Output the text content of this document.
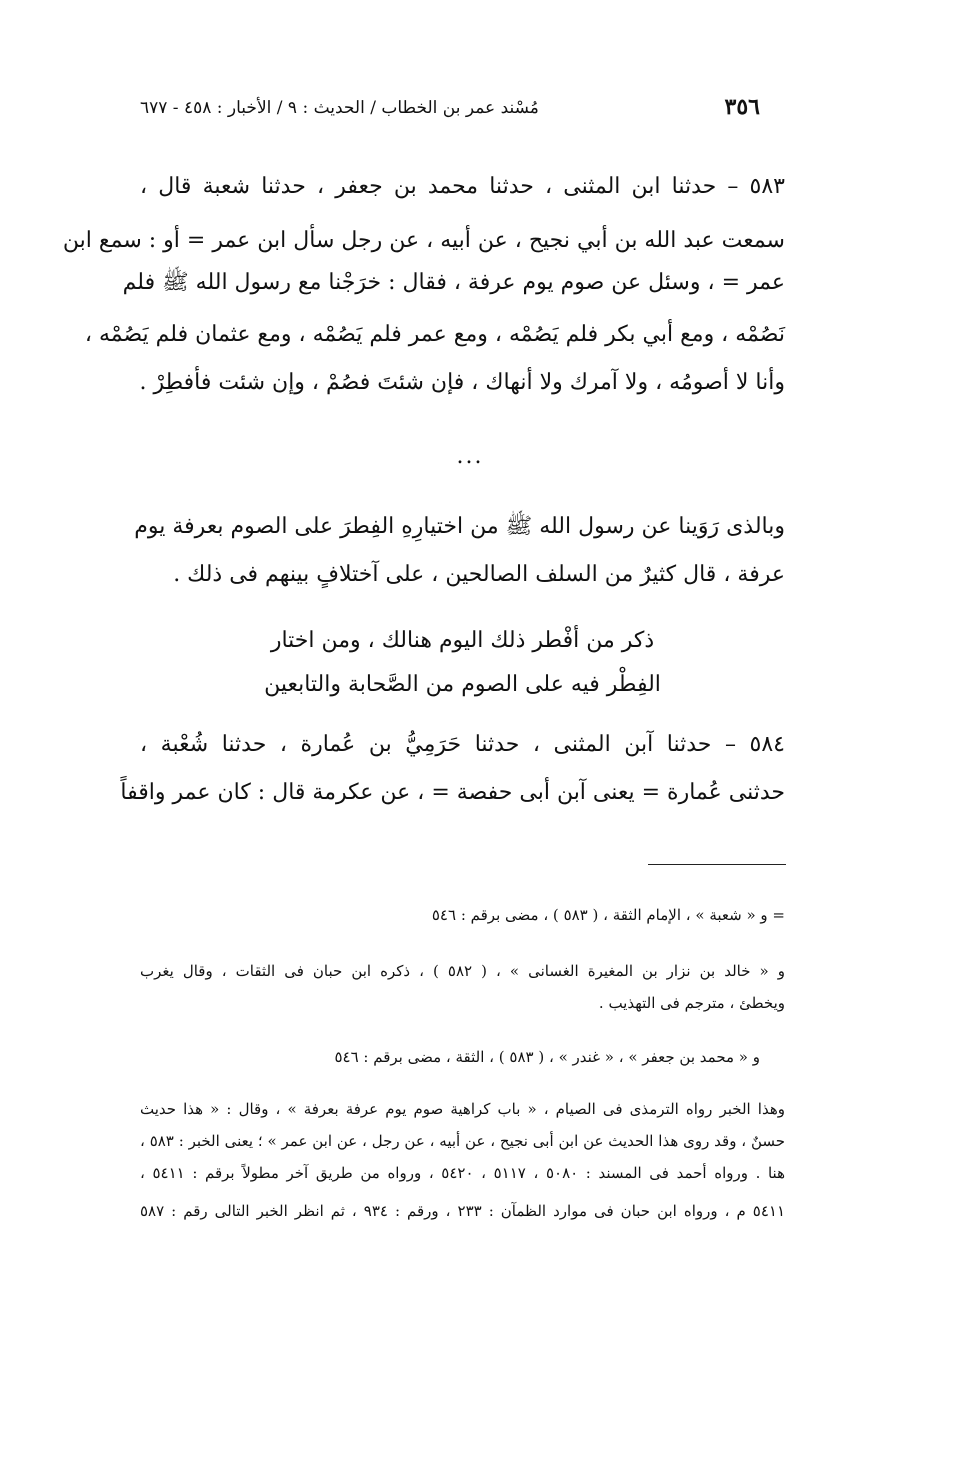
٣٥٦
مُسْند عمر بن الخطاب / الحديث : ٩ / الأخبار : ٤٥٨ - ٦٧٧
٥٨٣ – حدثنا ابن المثنى ، حدثنا محمد بن جعفر ، حدثنا شعبة قال ،
سمعت عبد الله بن أبي نجيح ، عن أبيه ، عن رجل سأل ابن عمر = أو : سمع ابن
عمر = ، وسئل عن صوم يوم عرفة ، فقال : خرَجْنا مع رسول الله ﷺ فلم
نَصُمْه ، ومع أبي بكر فلم يَصُمْه ، ومع عمر فلم يَصُمْه ، ومع عثمان فلم يَصُمْه ،
وأنا لا أصومُه ، ولا آمرك ولا أنهاك ، فإن شئتَ فصُمْ ، وإن شئت فأفطِرْ .
...
وبالذى رَوَينا عن رسول الله ﷺ من اختيارِهِ الفِطرَ على الصوم بعرفة يوم
عرفة ، قال كثيرٌ من السلف الصالحين ، على آختلافٍ بينهم فى ذلك .
ذكر من أفْطر ذلك اليوم هنالك ، ومن اختار
الفِطْر فيه على الصوم من الصَّحابة والتابعين
٥٨٤ – حدثنا آبن المثنى ، حدثنا حَرَمِيُّ بن عُمارة ، حدثنا شُعْبة ،
حدثنى عُمارة = يعنى آبن أبى حفصة = ، عن عكرمة قال : كان عمر واقفاً
= و « شعبة » ، الإمام الثقة ، ( ٥٨٣ ) ، مضى برقم : ٥٤٦
و « خالد بن نزار بن المغيرة الغسانى » ، ( ٥٨٢ ) ، ذكره ابن حبان فى الثقات ، وقال يغرب
ويخطئ ، مترجم فى التهذيب .
و « محمد بن جعفر » ، « غندر » ، ( ٥٨٣ ) ، الثقة ، مضى برقم : ٥٤٦
وهذا الخبر رواه الترمذى فى الصيام ، « باب كراهية صوم يوم عرفة بعرفة » ، وقال : « هذا حديث
حسنٌ ، وقد روى هذا الحديث عن ابن أبى نجيح ، عن أبيه ، عن رجل ، عن ابن عمر » ؛ يعنى الخبر : ٥٨٣ ،
هنا . ورواه أحمد فى المسند : ٥٠٨٠ ، ٥١١٧ ، ٥٤٢٠ ، ورواه من طريق آخر مطولاً برقم : ٥٤١١ ،
٥٤١١ م ، ورواه ابن حبان فى موارد الظمآن : ٢٣٣ ، ورقم : ٩٣٤ ، ثم انظر الخبر التالى رقم : ٥٨٧
